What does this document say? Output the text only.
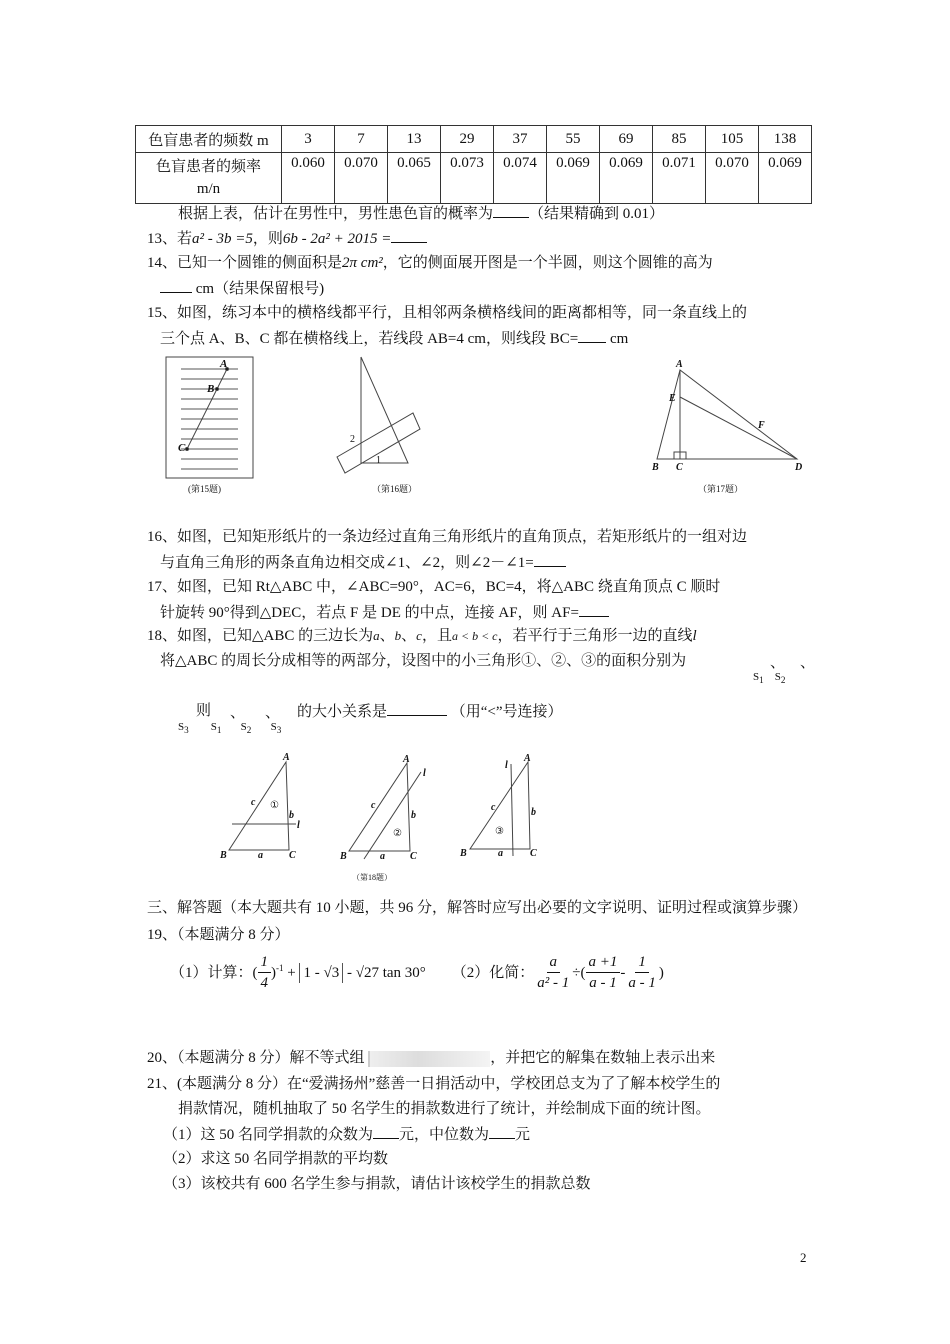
色盲患者的频数 m	3	7	13	29	37	55	69	85	105	138
色盲患者的频率
m/n	0.060	0.070	0.065	0.073	0.074	0.069	0.069	0.071	0.070	0.069
根据上表，估计在男性中，男性患色盲的概率为 （结果精确到 0.01）
13、若a² - 3b =5，则6b - 2a² + 2015 =
14、已知一个圆锥的侧面积是2π cm²，它的侧面展开图是一个半圆，则这个圆锥的高为
cm（结果保留根号)
15、如图，练习本中的横格线都平行，且相邻两条横格线间的距离都相等，同一条直线上的
三个点 A、B、C 都在横格线上，若线段 AB=4 cm，则线段 BC= cm
A
B
C
(第15题)
2
1
（第16题）
A
E
F
B C	D
（第17题）
16、如图，已知矩形纸片的一条边经过直角三角形纸片的直角顶点，若矩形纸片的一组对边
与直角三角形的两条直角边相交成∠1、∠2，则∠2－∠1=
17、如图，已知 Rt△ABC 中，∠ABC=90°，AC=6，BC=4，将△ABC 绕直角顶点 C 顺时
针旋转 90°得到△DEC，若点 F 是 DE 的中点，连接 AF，则 AF=
18、如图，已知△ABC 的三边长为a、b、c，且a < b < c，若平行于三角形一边的直线l
将△ABC 的周长分成相等的两部分，设图中的小三角形①、②、③的面积分别为
$S_1$ $S_2$
、 、
$S_3$ $S_1$ $S_2$ $S_3$
则 、 、 的大小关系是	（用“<”号连接）
A
B	C
a
b
c
l
①
A
B	C
a
b
c
l
②
A
B	C
a
b
c
l
③
（第18题）
三、解答题（本大题共有 10 小题，共 96 分，解答时应写出必要的文字说明、证明过程或演算步骤）
19、（本题满分 8 分）
（1）计算： ( $\frac{1}{4} )^{-1} + 1 - √3$
- √27 tan 30° （2）化简： $\frac{a}{\text{a² - 1}}$ ÷( $\frac{a +1}{a - 1} - \frac{1}{a - 1}$ )
20、（本题满分 8 分）解不等式组	，并把它的解集在数轴上表示出来
21、(本题满分 8 分）在“爱满扬州”慈善一日捐活动中，学校团总支为了了解本校学生的
捐款情况，随机抽取了 50 名学生的捐款数进行了统计，并绘制成下面的统计图。
（1）这 50 名同学捐款的众数为 元，中位数为 元
（2）求这 50 名同学捐款的平均数
（3）该校共有 600 名学生参与捐款，请估计该校学生的捐款总数
2
